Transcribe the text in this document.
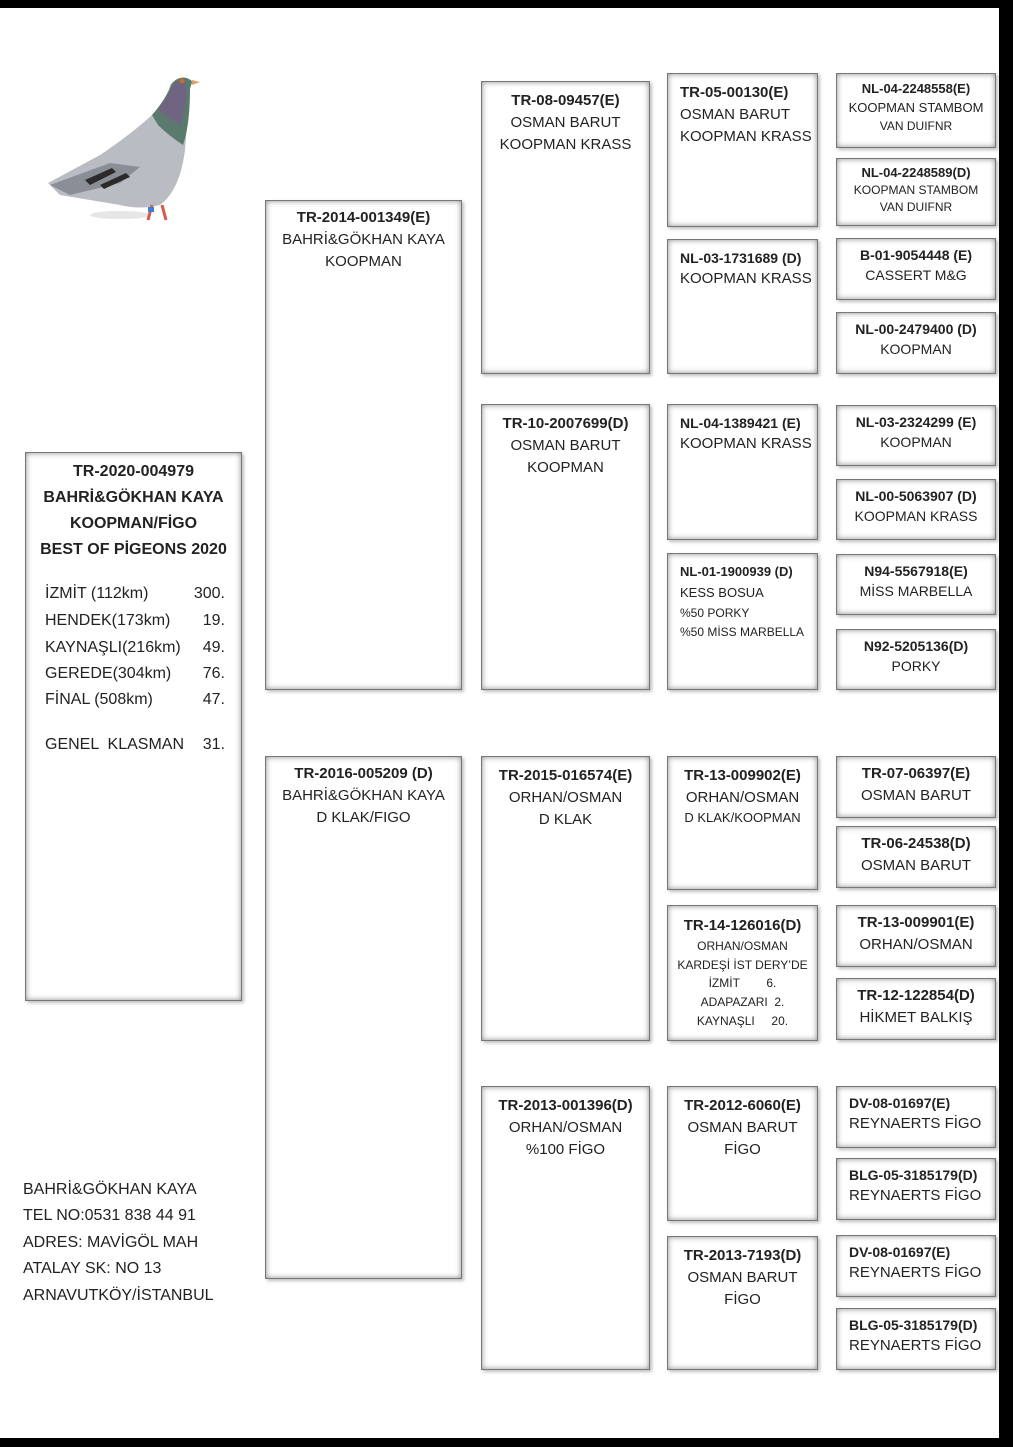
TR-2020-004979
BAHRİ&GÖKHAN KAYA
KOOPMAN/FİGO
BEST OF PİGEONS 2020
İZMİT (112km)	300.
HENDEK(173km)	19.
KAYNAŞLI(216km)	49.
GEREDE(304km)	76.
FİNAL (508km)	47.
GENEL  KLASMAN	31.
BAHRİ&GÖKHAN KAYA
TEL NO:0531 838 44 91
ADRES: MAVİGÖL MAH
ATALAY SK: NO 13
ARNAVUTKÖY/İSTANBUL
TR-2014-001349(E)
BAHRİ&GÖKHAN KAYA
KOOPMAN
TR-2016-005209 (D)
BAHRİ&GÖKHAN KAYA
D KLAK/FIGO
TR-08-09457(E)
OSMAN BARUT
KOOPMAN KRASS
TR-10-2007699(D)
OSMAN BARUT
KOOPMAN
TR-2015-016574(E)
ORHAN/OSMAN
D KLAK
TR-2013-001396(D)
ORHAN/OSMAN
%100 FİGO
TR-05-00130(E)
OSMAN BARUT
KOOPMAN KRASS
NL-03-1731689 (D)
KOOPMAN KRASS
NL-04-1389421 (E)
KOOPMAN KRASS
NL-01-1900939 (D)
KESS BOSUA
%50 PORKY
%50 MİSS MARBELLA
TR-13-009902(E)
ORHAN/OSMAN
D KLAK/KOOPMAN
TR-14-126016(D)
ORHAN/OSMAN
KARDEŞİ İST DERY’DE
İZMİT        6.
ADAPAZARI  2.
KAYNAŞLI     20.
TR-2012-6060(E)
OSMAN BARUT
FİGO
TR-2013-7193(D)
OSMAN BARUT
FİGO
NL-04-2248558(E)
KOOPMAN STAMBOM
VAN DUIFNR
NL-04-2248589(D)
KOOPMAN STAMBOM
VAN DUIFNR
B-01-9054448 (E)
CASSERT M&G
NL-00-2479400 (D)
KOOPMAN
NL-03-2324299 (E)
KOOPMAN
NL-00-5063907 (D)
KOOPMAN KRASS
N94-5567918(E)
MİSS MARBELLA
N92-5205136(D)
PORKY
TR-07-06397(E)
OSMAN BARUT
TR-06-24538(D)
OSMAN BARUT
TR-13-009901(E)
ORHAN/OSMAN
TR-12-122854(D)
HİKMET BALKIŞ
DV-08-01697(E)
REYNAERTS FİGO
BLG-05-3185179(D)
REYNAERTS FİGO
DV-08-01697(E)
REYNAERTS FİGO
BLG-05-3185179(D)
REYNAERTS FİGO
